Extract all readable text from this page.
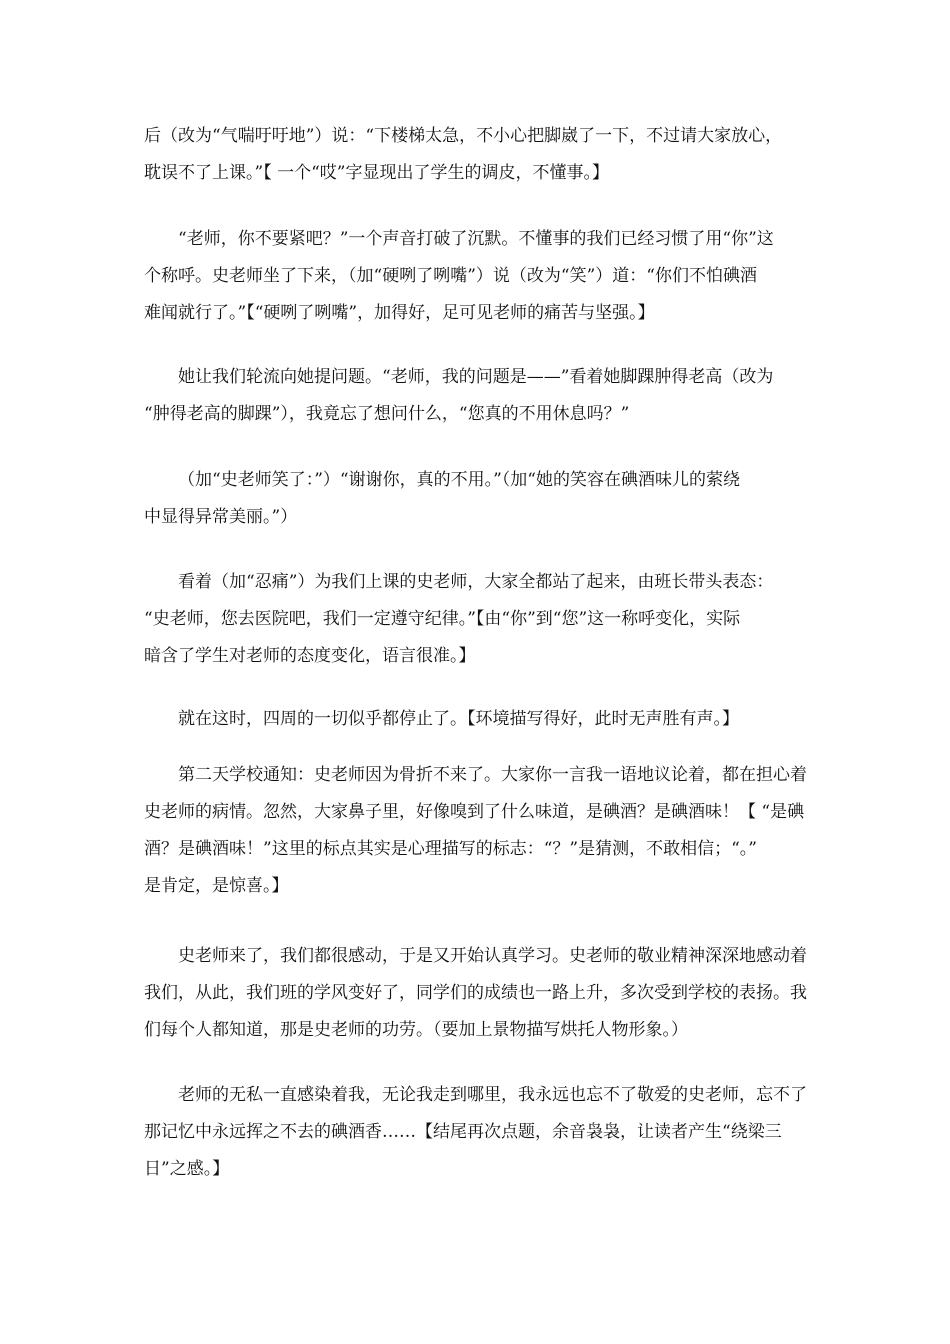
后（改为“气喘吁吁地”）说：“下楼梯太急，不小心把脚崴了一下，不过请大家放心，
耽误不了上课。”【 一个“哎”字显现出了学生的调皮，不懂事。】
“老师，你不要紧吧？”一个声音打破了沉默。不懂事的我们已经习惯了用“你”这
个称呼。史老师坐了下来，（加“硬咧了咧嘴”）说（改为“笑”）道：“你们不怕碘酒
难闻就行了。”【“硬咧了咧嘴”，加得好，足可见老师的痛苦与坚强。】
她让我们轮流向她提问题。“老师，我的问题是——”看着她脚踝肿得老高（改为
“肿得老高的脚踝”），我竟忘了想问什么，“您真的不用休息吗？”
（加“史老师笑了：”）“谢谢你，真的不用。”（加“她的笑容在碘酒味儿的萦绕
中显得异常美丽。”）
看着（加“忍痛”）为我们上课的史老师，大家全都站了起来，由班长带头表态：
“史老师，您去医院吧，我们一定遵守纪律。”【由“你”到“您”这一称呼变化，实际
暗含了学生对老师的态度变化，语言很准。】
就在这时，四周的一切似乎都停止了。【环境描写得好，此时无声胜有声。】
第二天学校通知：史老师因为骨折不来了。大家你一言我一语地议论着，都在担心着
史老师的病情。忽然，大家鼻子里，好像嗅到了什么味道，是碘酒？是碘酒味！【 “是碘
酒？是碘酒味！”这里的标点其实是心理描写的标志：“？”是猜测，不敢相信；“。”
是肯定，是惊喜。】
史老师来了，我们都很感动，于是又开始认真学习。史老师的敬业精神深深地感动着
我们，从此，我们班的学风变好了，同学们的成绩也一路上升，多次受到学校的表扬。我
们每个人都知道，那是史老师的功劳。（要加上景物描写烘托人物形象。）
老师的无私一直感染着我，无论我走到哪里，我永远也忘不了敬爱的史老师，忘不了
那记忆中永远挥之不去的碘酒香……【结尾再次点题，余音袅袅，让读者产生“绕梁三
日”之感。】
